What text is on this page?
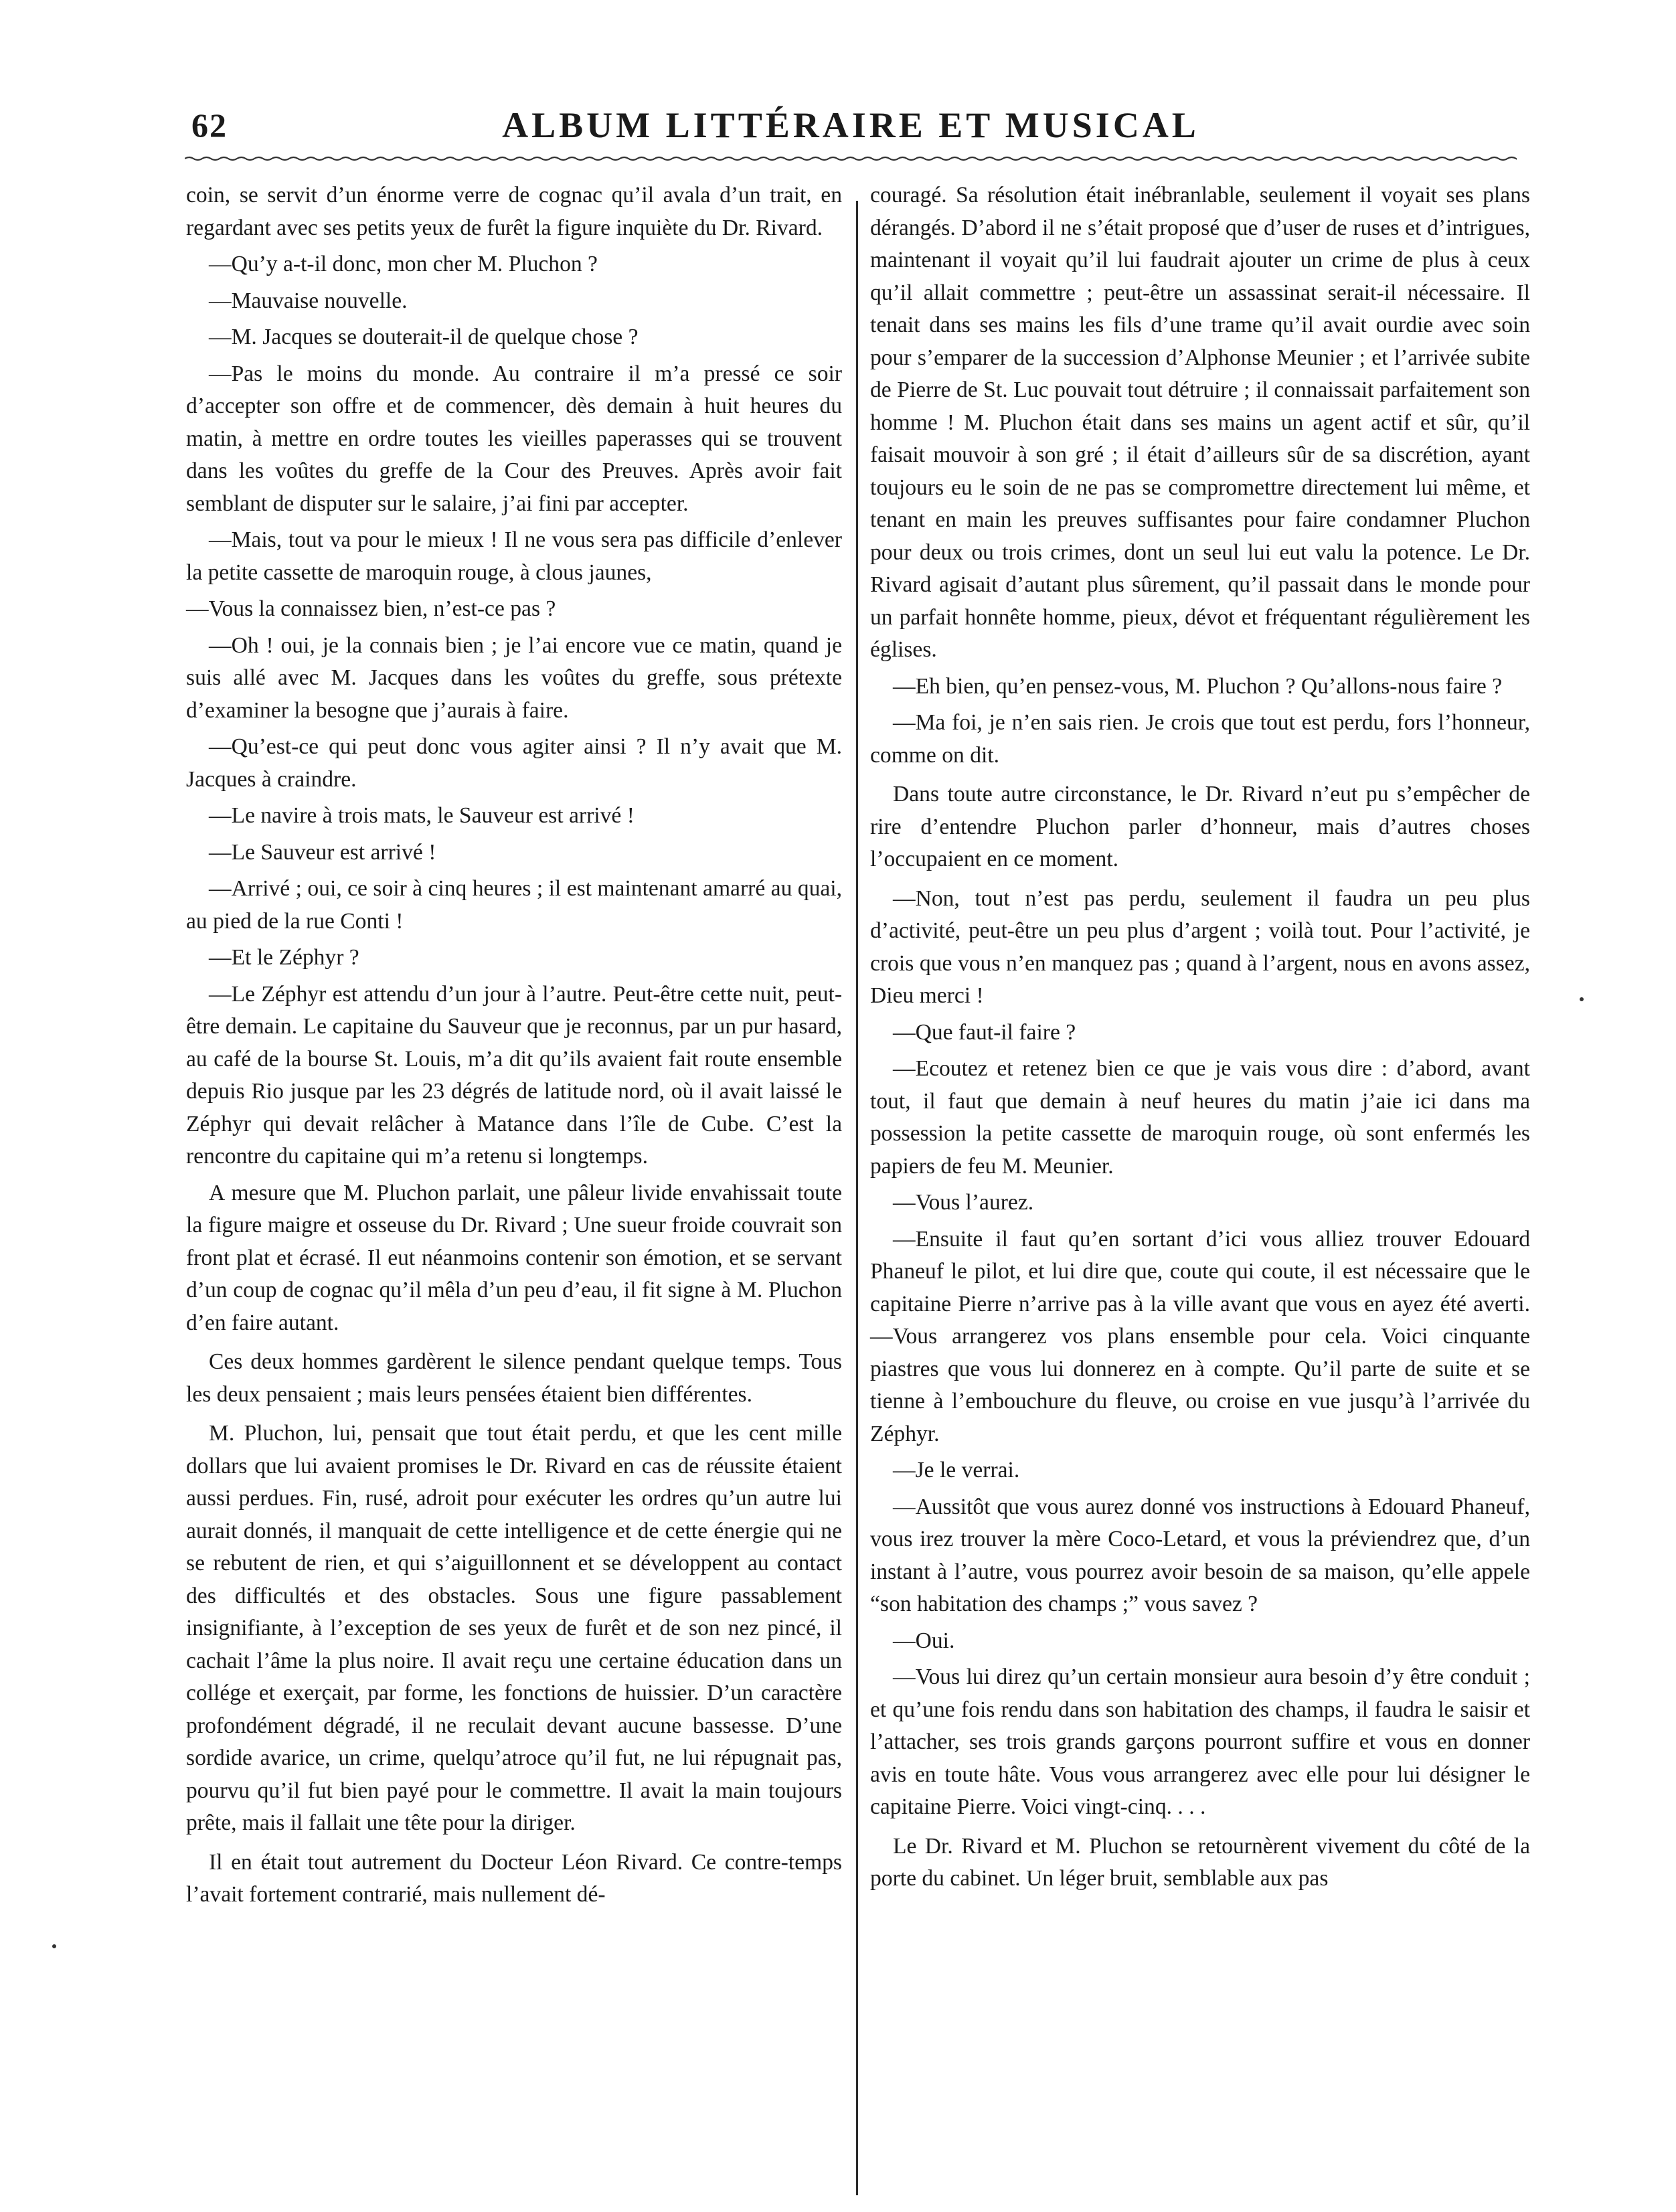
62	ALBUM LITTÉRAIRE ET MUSICAL

coin, se servit d’un énorme verre de cognac qu’il avala d’un trait, en regardant avec ses petits yeux de furêt la figure inquiète du Dr. Rivard.

—Qu’y a-t-il donc, mon cher M. Pluchon ?

—Mauvaise nouvelle.

—M. Jacques se douterait-il de quelque chose ?

—Pas le moins du monde. Au contraire il m’a pressé ce soir d’accepter son offre et de commencer, dès demain à huit heures du matin, à mettre en ordre toutes les vieilles paperasses qui se trouvent dans les voûtes du greffe de la Cour des Preuves. Après avoir fait semblant de disputer sur le salaire, j’ai fini par accepter.

—Mais, tout va pour le mieux ! Il ne vous sera pas difficile d’enlever la petite cassette de maroquin rouge, à clous jaunes,

—Vous la connaissez bien, n’est-ce pas ?

—Oh ! oui, je la connais bien ; je l’ai encore vue ce matin, quand je suis allé avec M. Jacques dans les voûtes du greffe, sous prétexte d’examiner la besogne que j’aurais à faire.

—Qu’est-ce qui peut donc vous agiter ainsi ? Il n’y avait que M. Jacques à craindre.

—Le navire à trois mats, le Sauveur est arrivé !

—Le Sauveur est arrivé !

—Arrivé ; oui, ce soir à cinq heures ; il est maintenant amarré au quai, au pied de la rue Conti !

—Et le Zéphyr ?

—Le Zéphyr est attendu d’un jour à l’autre. Peut-être cette nuit, peut-être demain. Le capitaine du Sauveur que je reconnus, par un pur hasard, au café de la bourse St. Louis, m’a dit qu’ils avaient fait route ensemble depuis Rio jusque par les 23 dégrés de latitude nord, où il avait laissé le Zéphyr qui devait relâcher à Matance dans l’île de Cube. C’est la rencontre du capitaine qui m’a retenu si longtemps.

A mesure que M. Pluchon parlait, une pâleur livide envahissait toute la figure maigre et osseuse du Dr. Rivard ; Une sueur froide couvrait son front plat et écrasé. Il eut néanmoins contenir son émotion, et se servant d’un coup de cognac qu’il mêla d’un peu d’eau, il fit signe à M. Pluchon d’en faire autant.

Ces deux hommes gardèrent le silence pendant quelque temps. Tous les deux pensaient ; mais leurs pensées étaient bien différentes.

M. Pluchon, lui, pensait que tout était perdu, et que les cent mille dollars que lui avaient promises le Dr. Rivard en cas de réussite étaient aussi perdues. Fin, rusé, adroit pour exécuter les ordres qu’un autre lui aurait donnés, il manquait de cette intelligence et de cette énergie qui ne se rebutent de rien, et qui s’aiguillonnent et se développent au contact des difficultés et des obstacles. Sous une figure passablement insignifiante, à l’exception de ses yeux de furêt et de son nez pincé, il cachait l’âme la plus noire. Il avait reçu une certaine éducation dans un collége et exerçait, par forme, les fonctions de huissier. D’un caractère profondément dégradé, il ne reculait devant aucune bassesse. D’une sordide avarice, un crime, quelqu’atroce qu’il fut, ne lui répugnait pas, pourvu qu’il fut bien payé pour le commettre. Il avait la main toujours prête, mais il fallait une tête pour la diriger.

Il en était tout autrement du Docteur Léon Rivard. Ce contre-temps l’avait fortement contrarié, mais nullement dé-

couragé. Sa résolution était inébranlable, seulement il voyait ses plans dérangés. D’abord il ne s’était proposé que d’user de ruses et d’intrigues, maintenant il voyait qu’il lui faudrait ajouter un crime de plus à ceux qu’il allait commettre ; peut-être un assassinat serait-il nécessaire. Il tenait dans ses mains les fils d’une trame qu’il avait ourdie avec soin pour s’emparer de la succession d’Alphonse Meunier ; et l’arrivée subite de Pierre de St. Luc pouvait tout détruire ; il connaissait parfaitement son homme ! M. Pluchon était dans ses mains un agent actif et sûr, qu’il faisait mouvoir à son gré ; il était d’ailleurs sûr de sa discrétion, ayant toujours eu le soin de ne pas se compromettre directement lui même, et tenant en main les preuves suffisantes pour faire condamner Pluchon pour deux ou trois crimes, dont un seul lui eut valu la potence. Le Dr. Rivard agisait d’autant plus sûrement, qu’il passait dans le monde pour un parfait honnête homme, pieux, dévot et fréquentant régulièrement les églises.

—Eh bien, qu’en pensez-vous, M. Pluchon ? Qu’allons-nous faire ?

—Ma foi, je n’en sais rien. Je crois que tout est perdu, fors l’honneur, comme on dit.

Dans toute autre circonstance, le Dr. Rivard n’eut pu s’empêcher de rire d’entendre Pluchon parler d’honneur, mais d’autres choses l’occupaient en ce moment.

—Non, tout n’est pas perdu, seulement il faudra un peu plus d’activité, peut-être un peu plus d’argent ; voilà tout. Pour l’activité, je crois que vous n’en manquez pas ; quand à l’argent, nous en avons assez, Dieu merci !

—Que faut-il faire ?

—Ecoutez et retenez bien ce que je vais vous dire : d’abord, avant tout, il faut que demain à neuf heures du matin j’aie ici dans ma possession la petite cassette de maroquin rouge, où sont enfermés les papiers de feu M. Meunier.

—Vous l’aurez.

—Ensuite il faut qu’en sortant d’ici vous alliez trouver Edouard Phaneuf le pilot, et lui dire que, coute qui coute, il est nécessaire que le capitaine Pierre n’arrive pas à la ville avant que vous en ayez été averti.—Vous arrangerez vos plans ensemble pour cela. Voici cinquante piastres que vous lui donnerez en à compte. Qu’il parte de suite et se tienne à l’embouchure du fleuve, ou croise en vue jusqu’à l’arrivée du Zéphyr.

—Je le verrai.

—Aussitôt que vous aurez donné vos instructions à Edouard Phaneuf, vous irez trouver la mère Coco-Letard, et vous la préviendrez que, d’un instant à l’autre, vous pourrez avoir besoin de sa maison, qu’elle appele “son habitation des champs ;” vous savez ?

—Oui.

—Vous lui direz qu’un certain monsieur aura besoin d’y être conduit ; et qu’une fois rendu dans son habitation des champs, il faudra le saisir et l’attacher, ses trois grands garçons pourront suffire et vous en donner avis en toute hâte. Vous vous arrangerez avec elle pour lui désigner le capitaine Pierre. Voici vingt-cinq. . . .

Le Dr. Rivard et M. Pluchon se retournèrent vivement du côté de la porte du cabinet. Un léger bruit, semblable aux pas
